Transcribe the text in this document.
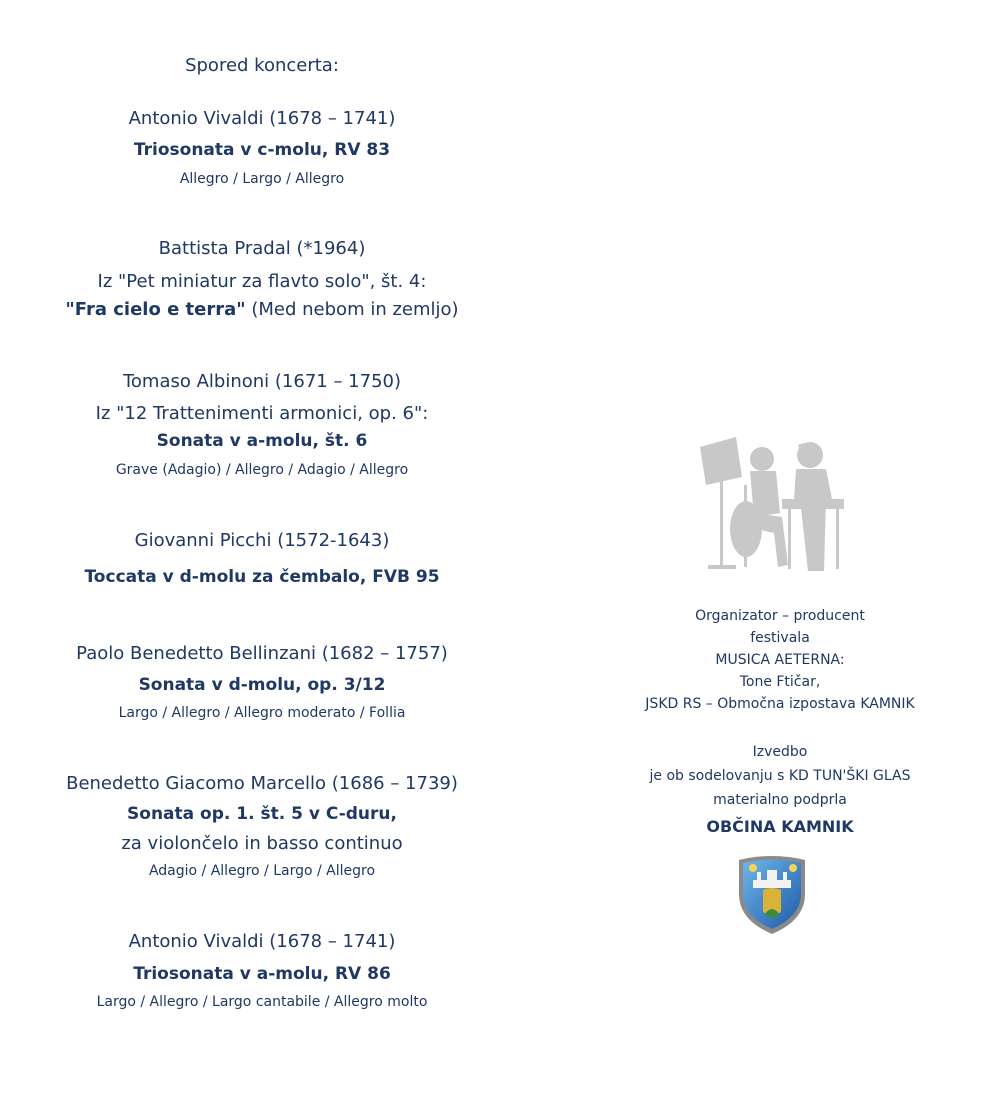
Spored koncerta:
Antonio Vivaldi (1678 – 1741)
Triosonata v c-molu, RV 83
Allegro / Largo / Allegro
Battista Pradal (*1964)
Iz "Pet miniatur za flavto solo", št. 4:
"Fra cielo e terra" (Med nebom in zemljo)
Tomaso Albinoni (1671 – 1750)
Iz "12 Trattenimenti armonici, op. 6":
Sonata v a-molu, št. 6
Grave (Adagio) / Allegro / Adagio / Allegro
Giovanni Picchi (1572-1643)
Toccata v d-molu za čembalo, FVB 95
Paolo Benedetto Bellinzani (1682 – 1757)
Sonata v d-molu, op. 3/12
Largo / Allegro / Allegro moderato / Follia
Benedetto Giacomo Marcello (1686 – 1739)
Sonata op. 1. št. 5 v C-duru,
za violončelo in basso continuo
Adagio / Allegro / Largo / Allegro
Antonio Vivaldi (1678 – 1741)
Triosonata v a-molu, RV 86
Largo / Allegro / Largo cantabile / Allegro molto
Organizator – producent
festivala
MUSICA AETERNA:
Tone Ftičar,
JSKD RS – Območna izpostava KAMNIK
Izvedbo
je ob sodelovanju s KD TUN'ŠKI GLAS
materialno podprla
OBČINA KAMNIK
